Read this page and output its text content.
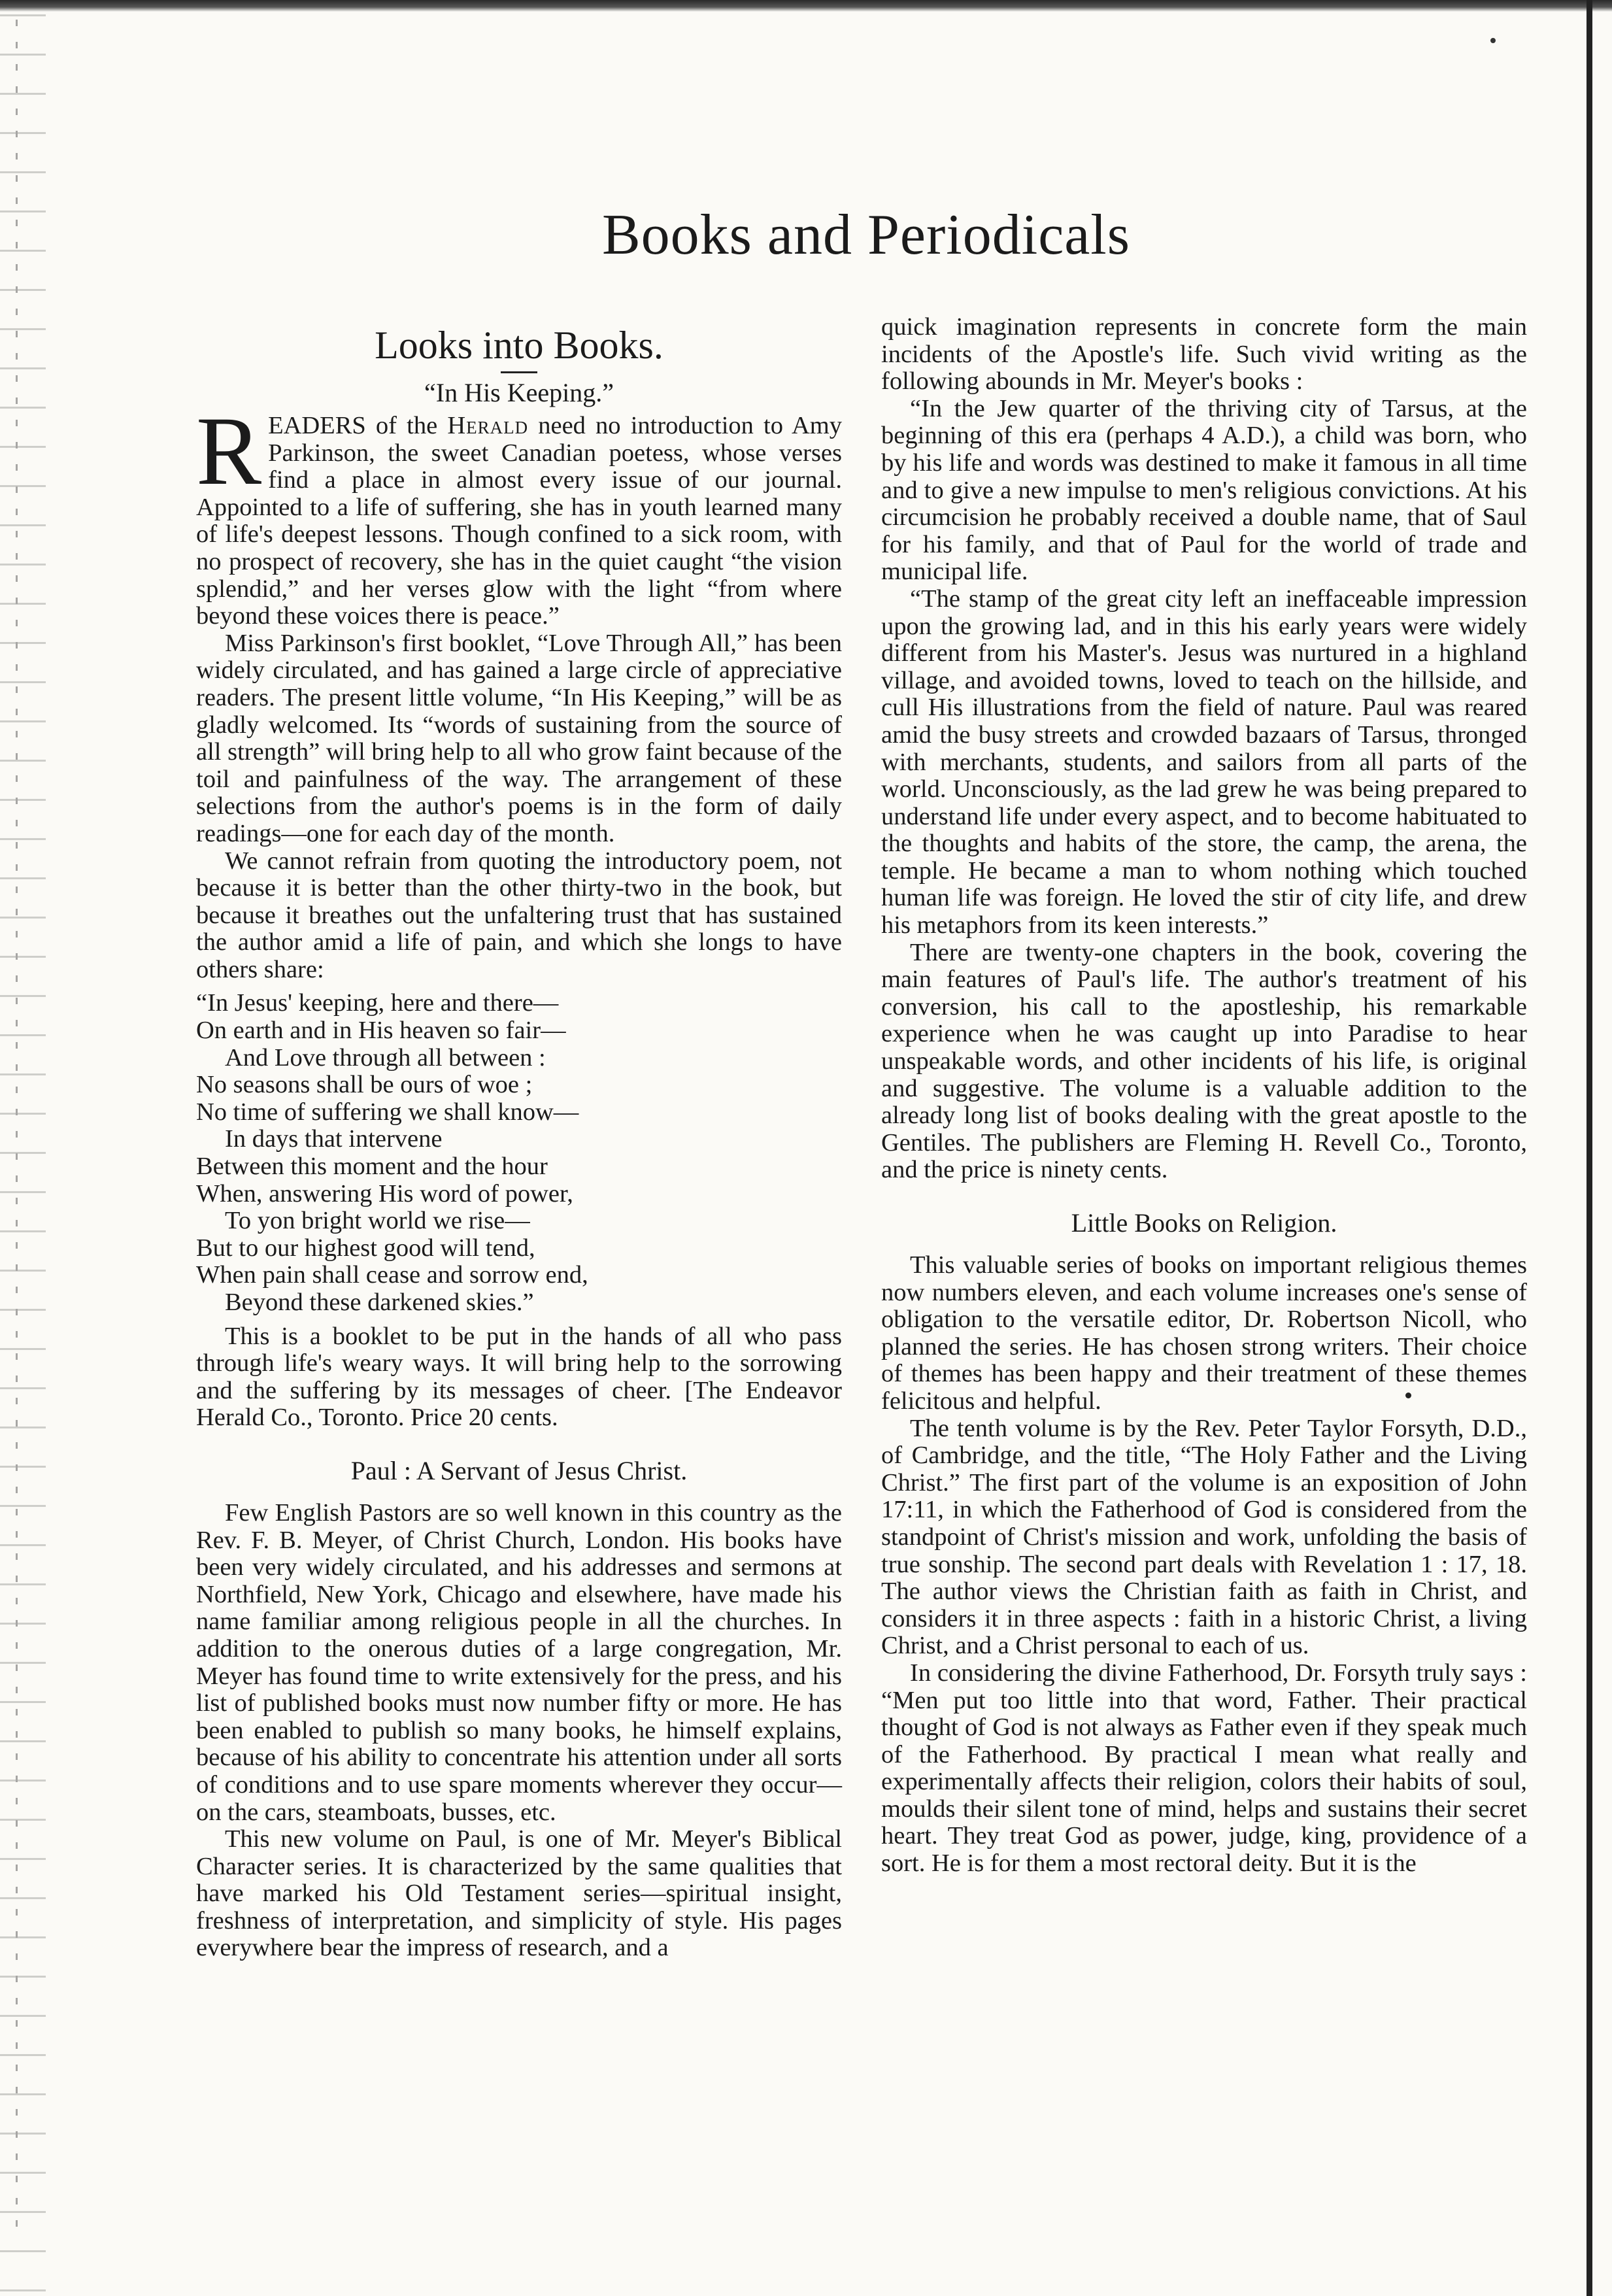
Books and Periodicals
Looks into Books.
“In His Keeping.”

READERS of the Herald need no introduction to Amy Parkinson, the sweet Canadian poetess, whose verses find a place in almost every issue of our journal. Appointed to a life of suffering, she has in youth learned many of life's deepest lessons. Though confined to a sick room, with no prospect of recovery, she has in the quiet caught “the vision splendid,” and her verses glow with the light “from where beyond these voices there is peace.”

Miss Parkinson's first booklet, “Love Through All,” has been widely circulated, and has gained a large circle of appreciative readers. The present little volume, “In His Keeping,” will be as gladly welcomed. Its “words of sustaining from the source of all strength” will bring help to all who grow faint because of the toil and painfulness of the way. The arrangement of these selections from the author's poems is in the form of daily readings—one for each day of the month.

We cannot refrain from quoting the introductory poem, not because it is better than the other thirty-two in the book, but because it breathes out the unfaltering trust that has sustained the author amid a life of pain, and which she longs to have others share:

“In Jesus' keeping, here and there—
On earth and in His heaven so fair—
And Love through all between :
No seasons shall be ours of woe ;
No time of suffering we shall know—
In days that intervene
Between this moment and the hour
When, answering His word of power,
To yon bright world we rise—
But to our highest good will tend,
When pain shall cease and sorrow end,
Beyond these darkened skies.”

This is a booklet to be put in the hands of all who pass through life's weary ways. It will bring help to the sorrowing and the suffering by its messages of cheer. [The Endeavor Herald Co., Toronto. Price 20 cents.

Paul : A Servant of Jesus Christ.

Few English Pastors are so well known in this country as the Rev. F. B. Meyer, of Christ Church, London. His books have been very widely circulated, and his addresses and sermons at Northfield, New York, Chicago and elsewhere, have made his name familiar among religious people in all the churches. In addition to the onerous duties of a large congregation, Mr. Meyer has found time to write extensively for the press, and his list of published books must now number fifty or more. He has been enabled to publish so many books, he himself explains, because of his ability to concentrate his attention under all sorts of conditions and to use spare moments wherever they occur—on the cars, steamboats, busses, etc.

This new volume on Paul, is one of Mr. Meyer's Biblical Character series. It is characterized by the same qualities that have marked his Old Testament series—spiritual insight, freshness of interpretation, and simplicity of style. His pages everywhere bear the impress of research, and a

quick imagination represents in concrete form the main incidents of the Apostle's life. Such vivid writing as the following abounds in Mr. Meyer's books :

“In the Jew quarter of the thriving city of Tarsus, at the beginning of this era (perhaps 4 A.D.), a child was born, who by his life and words was destined to make it famous in all time and to give a new impulse to men's religious convictions. At his circumcision he probably received a double name, that of Saul for his family, and that of Paul for the world of trade and municipal life.

“The stamp of the great city left an ineffaceable impression upon the growing lad, and in this his early years were widely different from his Master's. Jesus was nurtured in a highland village, and avoided towns, loved to teach on the hillside, and cull His illustrations from the field of nature. Paul was reared amid the busy streets and crowded bazaars of Tarsus, thronged with merchants, students, and sailors from all parts of the world. Unconsciously, as the lad grew he was being prepared to understand life under every aspect, and to become habituated to the thoughts and habits of the store, the camp, the arena, the temple. He became a man to whom nothing which touched human life was foreign. He loved the stir of city life, and drew his metaphors from its keen interests.”

There are twenty-one chapters in the book, covering the main features of Paul's life. The author's treatment of his conversion, his call to the apostleship, his remarkable experience when he was caught up into Paradise to hear unspeakable words, and other incidents of his life, is original and suggestive. The volume is a valuable addition to the already long list of books dealing with the great apostle to the Gentiles. The publishers are Fleming H. Revell Co., Toronto, and the price is ninety cents.

Little Books on Religion.

This valuable series of books on important religious themes now numbers eleven, and each volume increases one's sense of obligation to the versatile editor, Dr. Robertson Nicoll, who planned the series. He has chosen strong writers. Their choice of themes has been happy and their treatment of these themes felicitous and helpful.

The tenth volume is by the Rev. Peter Taylor Forsyth, D.D., of Cambridge, and the title, “The Holy Father and the Living Christ.” The first part of the volume is an exposition of John 17:11, in which the Fatherhood of God is considered from the standpoint of Christ's mission and work, unfolding the basis of true sonship. The second part deals with Revelation 1 : 17, 18. The author views the Christian faith as faith in Christ, and considers it in three aspects : faith in a historic Christ, a living Christ, and a Christ personal to each of us.

In considering the divine Fatherhood, Dr. Forsyth truly says : “Men put too little into that word, Father. Their practical thought of God is not always as Father even if they speak much of the Fatherhood. By practical I mean what really and experimentally affects their religion, colors their habits of soul, moulds their silent tone of mind, helps and sustains their secret heart. They treat God as power, judge, king, providence of a sort. He is for them a most rectoral deity. But it is the
